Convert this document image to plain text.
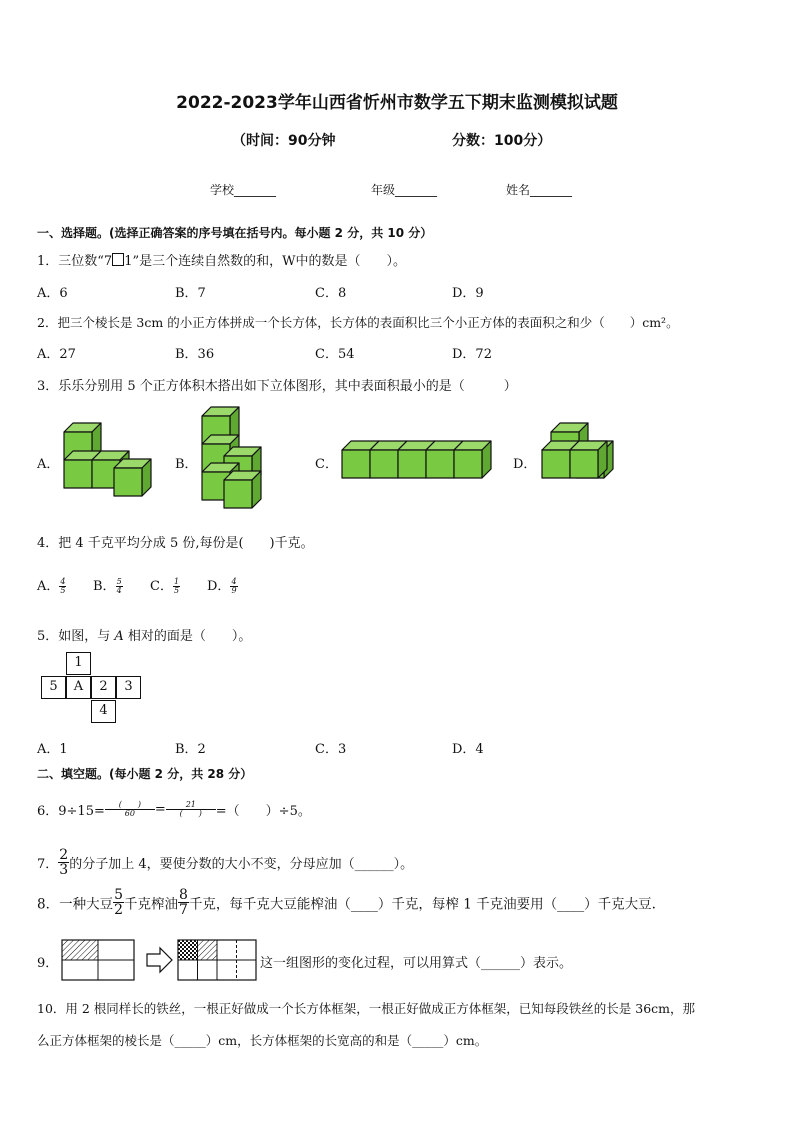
2022-2023学年山西省忻州市数学五下期末监测模拟试题
（时间：90分钟	分数：100分）
学校_______	年级_______	姓名_______
一、选择题。(选择正确答案的序号填在括号内。每小题 2 分，共 10 分）
1．三位数“7 1”是三个连续自然数的和，W中的数是（　　）。
A．6	B．7	C．8	D．9
2．把三个棱长是 3cm 的小正方体拼成一个长方体，长方体的表面积比三个小正方体的表面积之和少（　　）cm²。
A．27	B．36	C．54	D．72
3．乐乐分别用 5 个正方体积木搭出如下立体图形，其中表面积最小的是（　　　）
A．	B．	C．	D．
4．把 4 千克平均分成 5 份,每份是(　　)千克。
A． $\frac{4}{5}$ B． $\frac{5}{4}$ C． $\frac{1}{5}$ D． $\frac{4}{9}$
5．如图，与 A 相对的面是（　　）。
1
5	A	2	3
4
A．1	B．2	C．3	D．4
二、填空题。(每小题 2 分，共 28 分）
6．$9\div 15= \frac{( )}{60} = \frac{21}{( )}$ =（　　）÷5。
7． $\frac{2}{3}$ 的分子加上 4，要使分数的大小不变，分母应加（______）。
8．一种大豆 $\frac{5}{2}$ 千克榨油 $\frac{8}{7}$ 千克，每千克大豆能榨油（____）千克，每榨 1 千克油要用（____）千克大豆.
9．	这一组图形的变化过程，可以用算式（______）表示。
10．用 2 根同样长的铁丝，一根正好做成一个长方体框架，一根正好做成正方体框架，已知每段铁丝的长是 36cm，那
么正方体框架的棱长是（_____）cm，长方体框架的长宽高的和是（_____）cm。
